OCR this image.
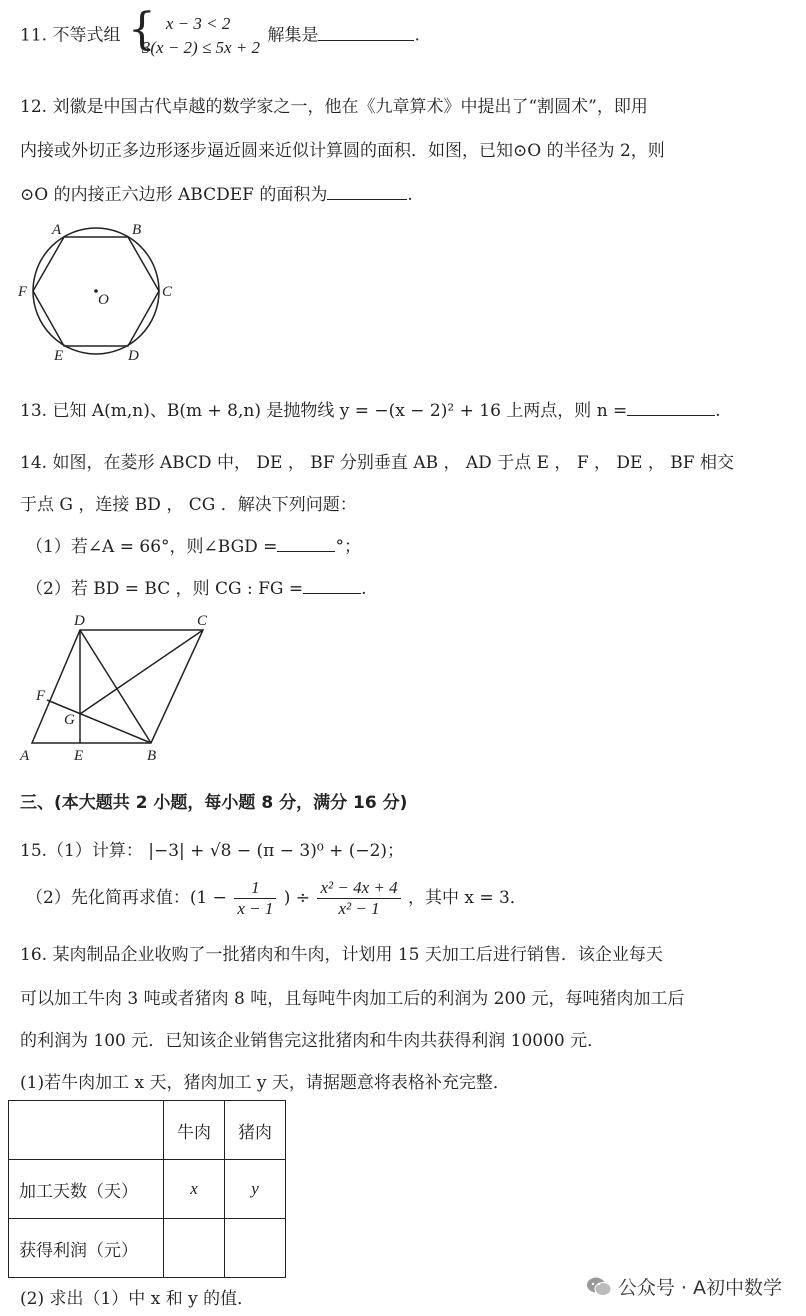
11. 不等式组 { x − 3 < 2
3(x − 2) ≤ 5x + 2
解集是	.
12. 刘徽是中国古代卓越的数学家之一，他在《九章算术》中提出了“割圆术”，即用
内接或外切正多边形逐步逼近圆来近似计算圆的面积．如图，已知⊙O 的半径为 2，则
⊙O 的内接正六边形 ABCDEF 的面积为	.
A	B
C
D
E
F	O
13. 已知 A(m,n)、B(m + 8,n) 是抛物线 y = −(x − 2)² + 16 上两点，则 n =	.
14. 如图，在菱形 ABCD 中， DE ， BF 分别垂直 AB ， AD 于点 E ， F ， DE ， BF 相交
于点 G ，连接 BD ， CG ．解决下列问题：
（1）若∠A = 66°，则∠BGD =	°；
（2）若 BD = BC ，则 CG : FG =	.
A	B
C
D
E
F
G
三、(本大题共 2 小题，每小题 8 分，满分 16 分)
15.（1）计算： |−3| + √8 − (π − 3)⁰ + (−2)；
（2）先化简再求值：($1 - \frac{1}{x - 1}$ ) ÷ $\frac{\text{x² − 4x + 4}}{\text{x² − 1}}$ ，其中 x = 3．
16. 某肉制品企业收购了一批猪肉和牛肉，计划用 15 天加工后进行销售．该企业每天
可以加工牛肉 3 吨或者猪肉 8 吨，且每吨牛肉加工后的利润为 200 元，每吨猪肉加工后
的利润为 100 元．已知该企业销售完这批猪肉和牛肉共获得利润 10000 元．
(1)若牛肉加工 x 天，猪肉加工 y 天，请据题意将表格补充完整．
	牛肉	猪肉
加工天数（天）	x	y
获得利润（元）		
(2) 求出（1）中 x 和 y 的值．	公众号 · A初中数学
